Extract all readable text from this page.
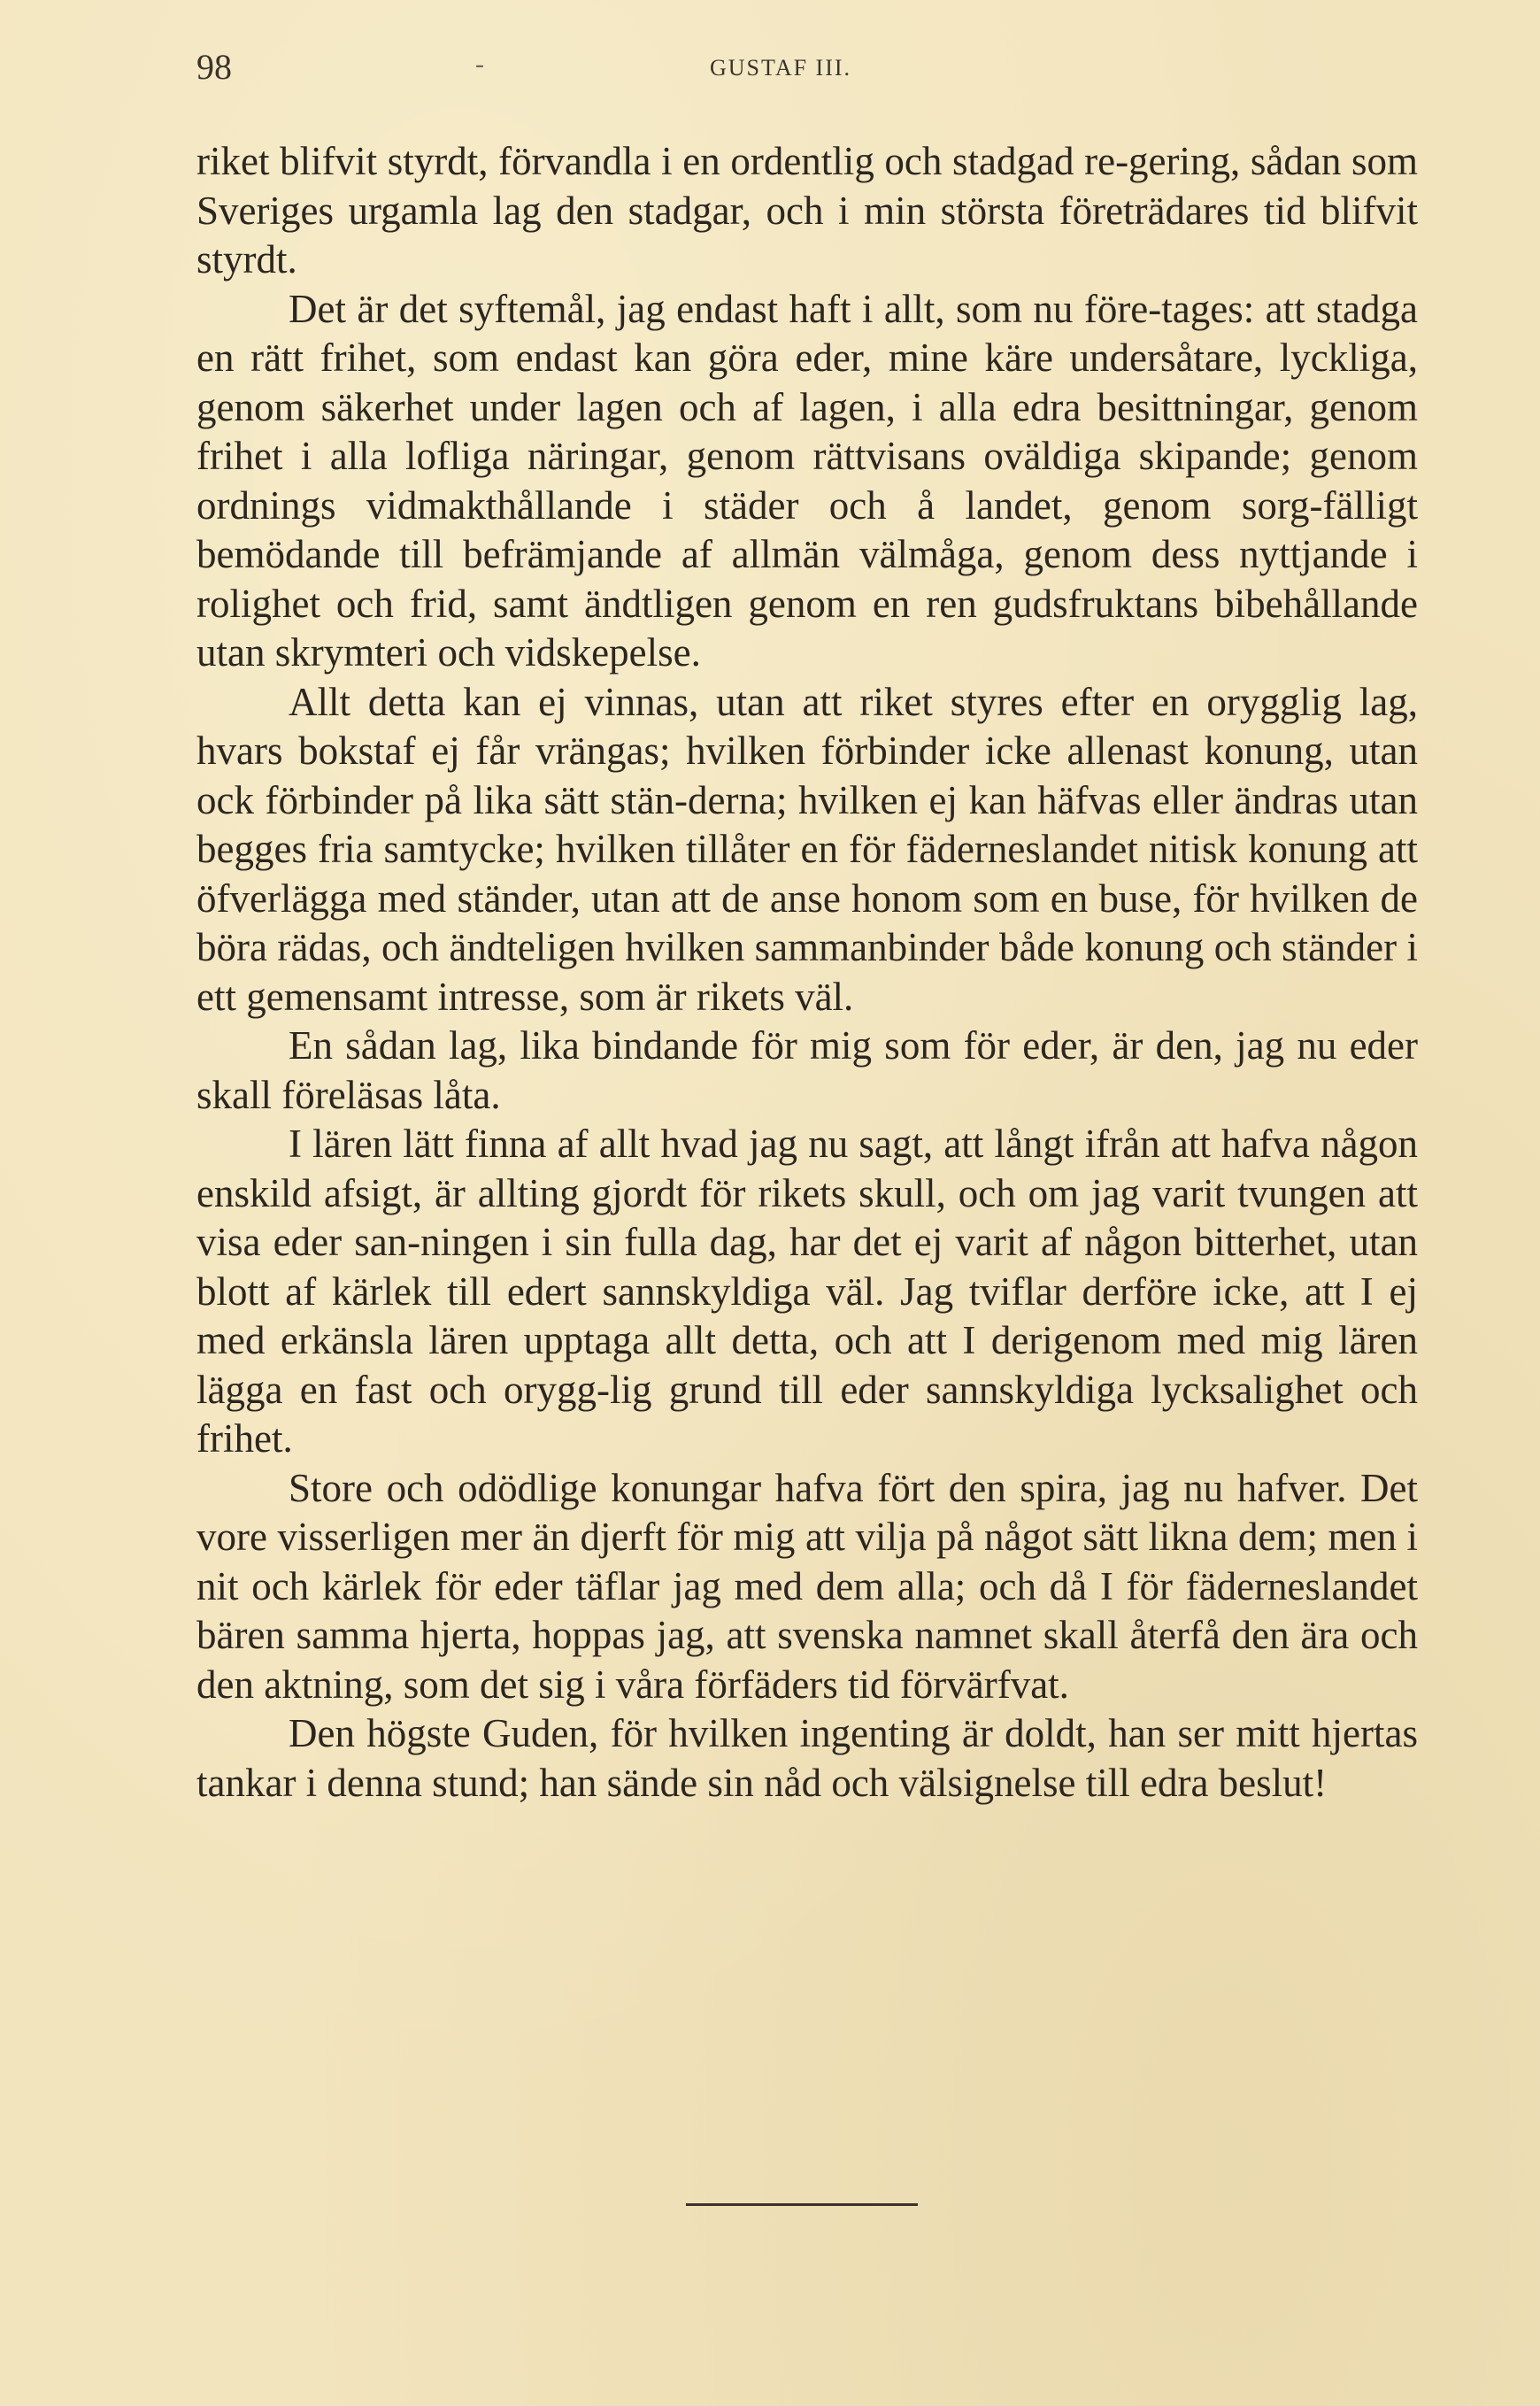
98	-	GUSTAF III.

riket blifvit styrdt, förvandla i en ordentlig och stadgad re-gering, sådan som Sveriges urgamla lag den stadgar, och i min största företrädares tid blifvit styrdt.

Det är det syftemål, jag endast haft i allt, som nu före-tages: att stadga en rätt frihet, som endast kan göra eder, mine käre undersåtare, lyckliga, genom säkerhet under lagen och af lagen, i alla edra besittningar, genom frihet i alla lofliga näringar, genom rättvisans oväldiga skipande; genom ordnings vidmakthållande i städer och å landet, genom sorg-fälligt bemödande till befrämjande af allmän välmåga, genom dess nyttjande i rolighet och frid, samt ändtligen genom en ren gudsfruktans bibehållande utan skrymteri och vidskepelse.

Allt detta kan ej vinnas, utan att riket styres efter en orygglig lag, hvars bokstaf ej får vrängas; hvilken förbinder icke allenast konung, utan ock förbinder på lika sätt stän-derna; hvilken ej kan häfvas eller ändras utan begges fria samtycke; hvilken tillåter en för fäderneslandet nitisk konung att öfverlägga med ständer, utan att de anse honom som en buse, för hvilken de böra rädas, och ändteligen hvilken sammanbinder både konung och ständer i ett gemensamt intresse, som är rikets väl.

En sådan lag, lika bindande för mig som för eder, är den, jag nu eder skall föreläsas låta.

I lären lätt finna af allt hvad jag nu sagt, att långt ifrån att hafva någon enskild afsigt, är allting gjordt för rikets skull, och om jag varit tvungen att visa eder san-ningen i sin fulla dag, har det ej varit af någon bitterhet, utan blott af kärlek till edert sannskyldiga väl. Jag tviflar derföre icke, att I ej med erkänsla lären upptaga allt detta, och att I derigenom med mig lären lägga en fast och orygg-lig grund till eder sannskyldiga lycksalighet och frihet.

Store och odödlige konungar hafva fört den spira, jag nu hafver. Det vore visserligen mer än djerft för mig att vilja på något sätt likna dem; men i nit och kärlek för eder täflar jag med dem alla; och då I för fäderneslandet bären samma hjerta, hoppas jag, att svenska namnet skall återfå den ära och den aktning, som det sig i våra förfäders tid förvärfvat.

Den högste Guden, för hvilken ingenting är doldt, han ser mitt hjertas tankar i denna stund; han sände sin nåd och välsignelse till edra beslut!
